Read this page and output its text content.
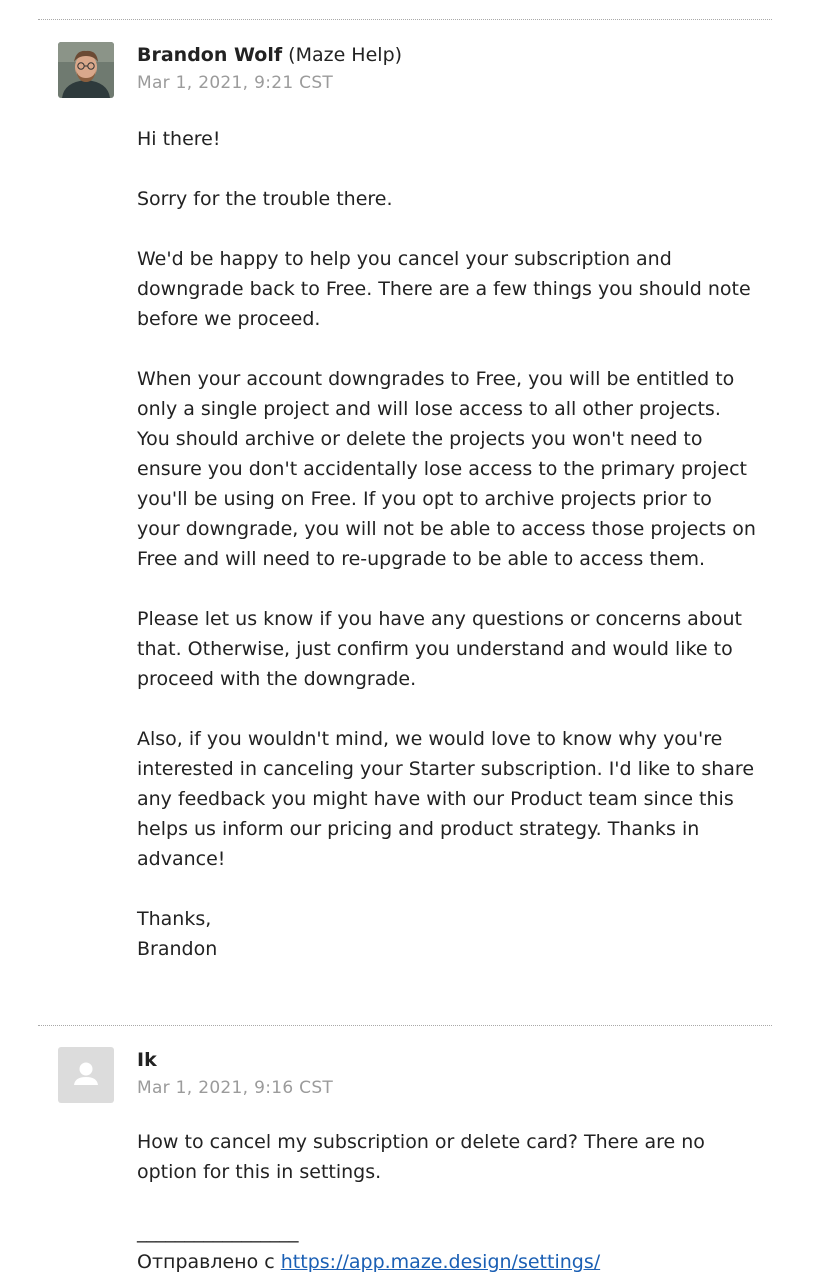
Brandon Wolf (Maze Help)
Mar 1, 2021, 9:21 CST

Hi there!

Sorry for the trouble there.

We'd be happy to help you cancel your subscription and
downgrade back to Free. There are a few things you should note
before we proceed.

When your account downgrades to Free, you will be entitled to
only a single project and will lose access to all other projects.
You should archive or delete the projects you won't need to
ensure you don't accidentally lose access to the primary project
you'll be using on Free. If you opt to archive projects prior to
your downgrade, you will not be able to access those projects on
Free and will need to re-upgrade to be able to access them.

Please let us know if you have any questions or concerns about
that. Otherwise, just confirm you understand and would like to
proceed with the downgrade.

Also, if you wouldn't mind, we would love to know why you're
interested in canceling your Starter subscription. I'd like to share
any feedback you might have with our Product team since this
helps us inform our pricing and product strategy. Thanks in
advance!

Thanks,
Brandon

Ik
Mar 1, 2021, 9:16 CST

How to cancel my subscription or delete card? There are no
option for this in settings.

_________________
Отправлено с https://app.maze.design/settings/
